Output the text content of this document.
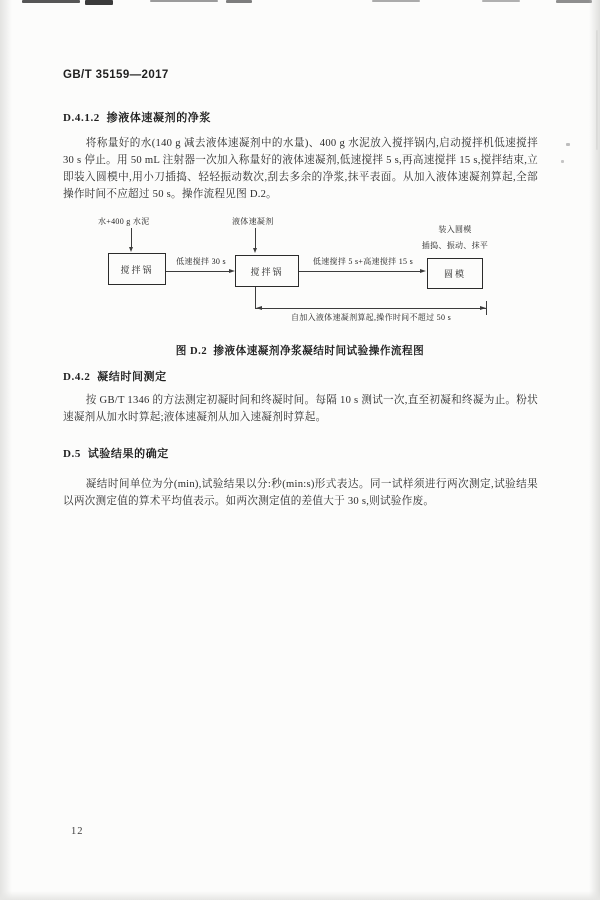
GB/T 35159—2017
D.4.1.2  掺液体速凝剂的净浆
将称量好的水(140 g 减去液体速凝剂中的水量)、400 g 水泥放入搅拌锅内,启动搅拌机低速搅拌 30 s 停止。用 50 mL 注射器一次加入称量好的液体速凝剂,低速搅拌 5 s,再高速搅拌 15 s,搅拌结束,立即装入圆模中,用小刀插捣、轻轻振动数次,刮去多余的净浆,抹平表面。从加入液体速凝剂算起,全部操作时间不应超过 50 s。操作流程见图 D.2。
水+400 g 水泥
搅拌锅
低速搅拌 30 s
液体速凝剂
搅拌锅
低速搅拌 5 s+高速搅拌 15 s
装入圆模
插捣、振动、抹平
圆模
自加入液体速凝剂算起,操作时间不超过 50 s
图 D.2  掺液体速凝剂净浆凝结时间试验操作流程图
D.4.2  凝结时间测定
按 GB/T 1346 的方法测定初凝时间和终凝时间。每隔 10 s 测试一次,直至初凝和终凝为止。粉状速凝剂从加水时算起;液体速凝剂从加入速凝剂时算起。
D.5  试验结果的确定
凝结时间单位为分(min),试验结果以分:秒(min:s)形式表达。同一试样须进行两次测定,试验结果以两次测定值的算术平均值表示。如两次测定值的差值大于 30 s,则试验作废。
12
